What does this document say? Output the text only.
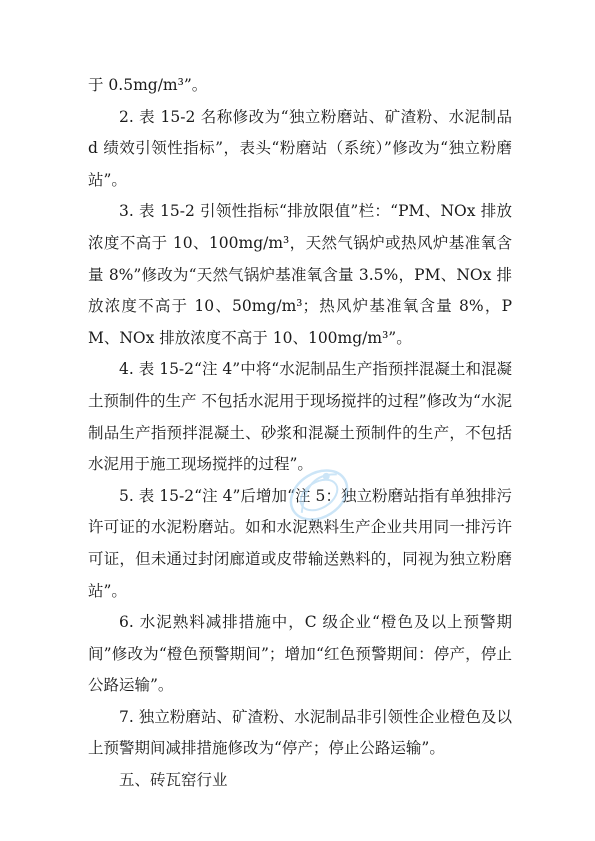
于 0.5mg/m³”。

2. 表 15-2 名称修改为“独立粉磨站、矿渣粉、水泥制品 d 绩效引领性指标”，表头“粉磨站（系统）”修改为“独立粉磨站”。

3. 表 15-2 引领性指标“排放限值”栏：“PM、NOx 排放浓度不高于 10、100mg/m³，天然气锅炉或热风炉基准氧含量 8%”修改为“天然气锅炉基准氧含量 3.5%，PM、NOx 排放浓度不高于 10、50mg/m³；热风炉基准氧含量 8%，PM、NOx 排放浓度不高于 10、100mg/m³”。

4. 表 15-2“注 4”中将“水泥制品生产指预拌混凝土和混凝土预制件的生产 不包括水泥用于现场搅拌的过程”修改为“水泥制品生产指预拌混凝土、砂浆和混凝土预制件的生产，不包括水泥用于施工现场搅拌的过程”。

5. 表 15-2“注 4”后增加“注 5：独立粉磨站指有单独排污许可证的水泥粉磨站。如和水泥熟料生产企业共用同一排污许可证，但未通过封闭廊道或皮带输送熟料的，同视为独立粉磨站”。

6. 水泥熟料减排措施中，C 级企业“橙色及以上预警期间”修改为“橙色预警期间”；增加“红色预警期间：停产，停止公路运输”。

7. 独立粉磨站、矿渣粉、水泥制品非引领性企业橙色及以上预警期间减排措施修改为“停产；停止公路运输”。

五、砖瓦窑行业
